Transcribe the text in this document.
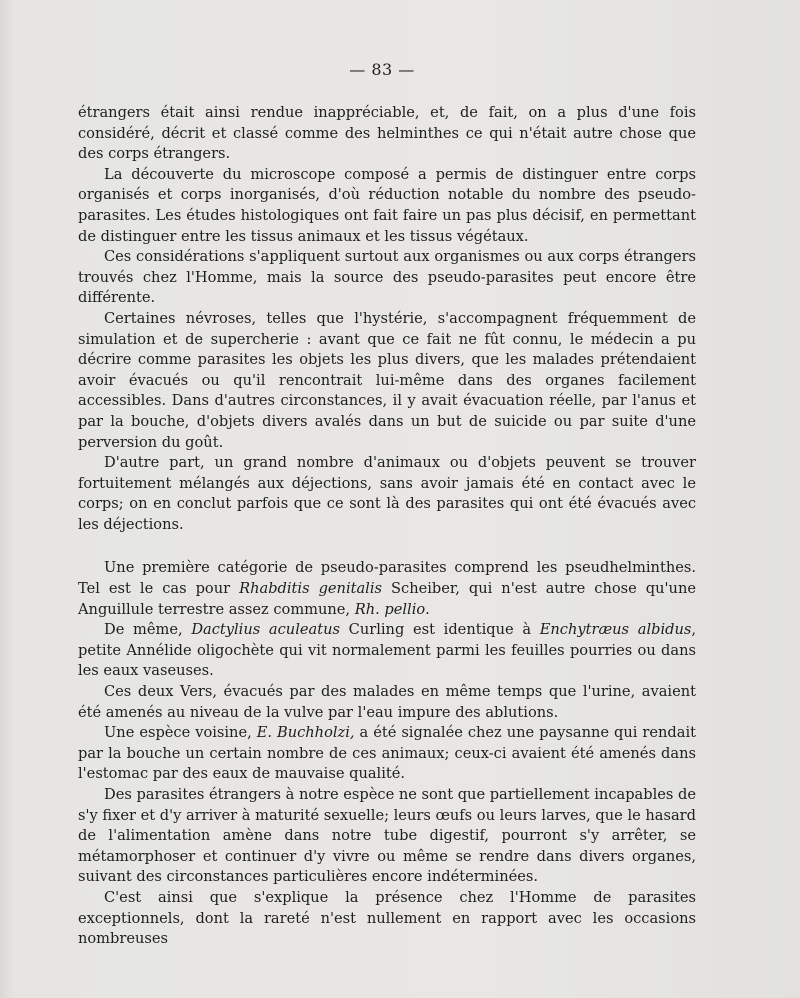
— 83 —

étrangers était ainsi rendue inappréciable, et, de fait, on a plus d'une fois considéré, décrit et classé comme des helminthes ce qui n'était autre chose que des corps étrangers.

La découverte du microscope composé a permis de distinguer entre corps organisés et corps inorganisés, d'où réduction notable du nombre des pseudo-parasites. Les études histologiques ont fait faire un pas plus décisif, en permettant de distinguer entre les tissus animaux et les tissus végétaux.

Ces considérations s'appliquent surtout aux organismes ou aux corps étrangers trouvés chez l'Homme, mais la source des pseudo-parasites peut encore être différente.

Certaines névroses, telles que l'hystérie, s'accompagnent fréquemment de simulation et de supercherie : avant que ce fait ne fût connu, le médecin a pu décrire comme parasites les objets les plus divers, que les malades prétendaient avoir évacués ou qu'il rencontrait lui-même dans des organes facilement accessibles. Dans d'autres circonstances, il y avait évacuation réelle, par l'anus et par la bouche, d'objets divers avalés dans un but de suicide ou par suite d'une perversion du goût.

D'autre part, un grand nombre d'animaux ou d'objets peuvent se trouver fortuitement mélangés aux déjections, sans avoir jamais été en contact avec le corps; on en conclut parfois que ce sont là des parasites qui ont été évacués avec les déjections.

Une première catégorie de pseudo-parasites comprend les pseudhelminthes. Tel est le cas pour Rhabditis genitalis Scheiber, qui n'est autre chose qu'une Anguillule terrestre assez commune, Rh. pellio.

De même, Dactylius aculeatus Curling est identique à Enchytræus albidus, petite Annélide oligochète qui vit normalement parmi les feuilles pourries ou dans les eaux vaseuses.

Ces deux Vers, évacués par des malades en même temps que l'urine, avaient été amenés au niveau de la vulve par l'eau impure des ablutions.

Une espèce voisine, E. Buchholzi, a été signalée chez une paysanne qui rendait par la bouche un certain nombre de ces animaux; ceux-ci avaient été amenés dans l'estomac par des eaux de mauvaise qualité.

Des parasites étrangers à notre espèce ne sont que partiellement incapables de s'y fixer et d'y arriver à maturité sexuelle; leurs œufs ou leurs larves, que le hasard de l'alimentation amène dans notre tube digestif, pourront s'y arrêter, se métamorphoser et continuer d'y vivre ou même se rendre dans divers organes, suivant des circonstances particulières encore indéterminées.

C'est ainsi que s'explique la présence chez l'Homme de parasites exceptionnels, dont la rareté n'est nullement en rapport avec les occasions nombreuses
